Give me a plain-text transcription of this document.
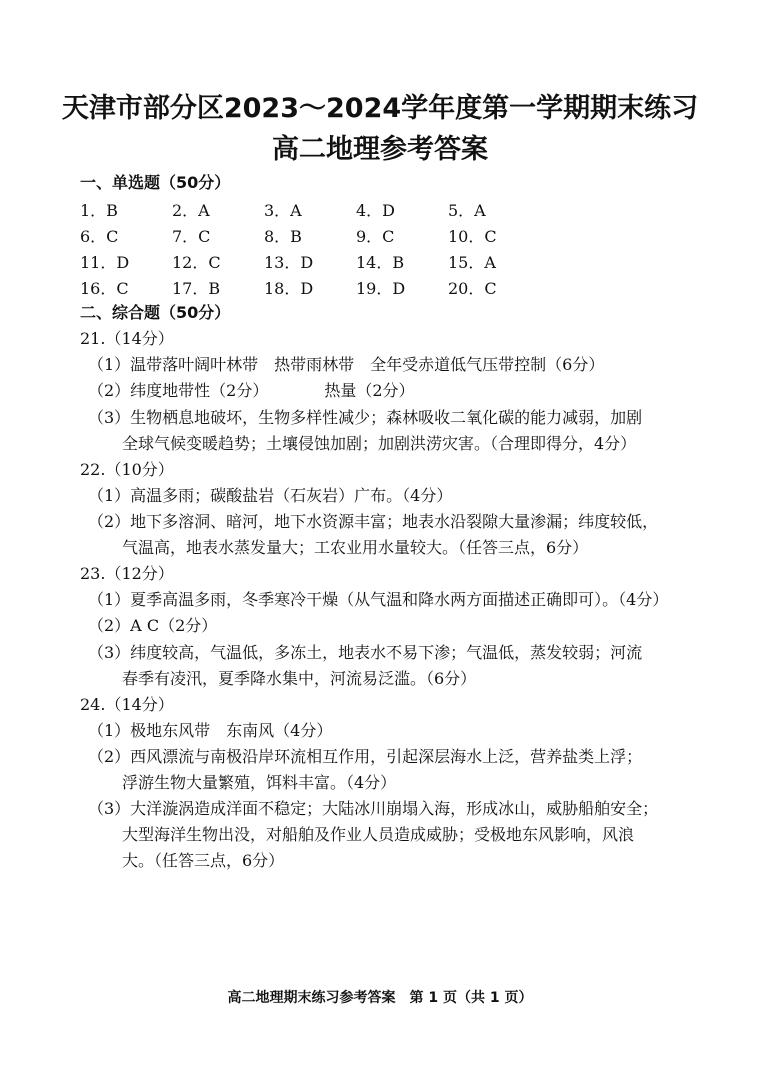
天津市部分区2023～2024学年度第一学期期末练习
高二地理参考答案
一、单选题（50分）
1．B	2．A	3．A	4．D	5．A
6．C	7．C	8．B	9．C	10．C
11．D	12．C	13．D	14．B	15．A
16．C	17．B	18．D	19．D	20．C
二、综合题（50分）
21.（14分）
（1）温带落叶阔叶林带　热带雨林带　全年受赤道低气压带控制（6分）
（2）纬度地带性（2分）	热量（2分）
（3）生物栖息地破坏，生物多样性减少；森林吸收二氧化碳的能力减弱，加剧
全球气候变暖趋势；土壤侵蚀加剧；加剧洪涝灾害。（合理即得分，4分）
22.（10分）
（1）高温多雨；碳酸盐岩（石灰岩）广布。（4分）
（2）地下多溶洞、暗河，地下水资源丰富；地表水沿裂隙大量渗漏；纬度较低，
气温高，地表水蒸发量大；工农业用水量较大。（任答三点，6分）
23.（12分）
（1）夏季高温多雨，冬季寒冷干燥（从气温和降水两方面描述正确即可）。（4分）
（2）A C（2分）
（3）纬度较高，气温低，多冻土，地表水不易下渗；气温低，蒸发较弱；河流
春季有凌汛，夏季降水集中，河流易泛滥。（6分）
24.（14分）
（1）极地东风带　东南风（4分）
（2）西风漂流与南极沿岸环流相互作用，引起深层海水上泛，营养盐类上浮；
浮游生物大量繁殖，饵料丰富。（4分）
（3）大洋漩涡造成洋面不稳定；大陆冰川崩塌入海，形成冰山，威胁船舶安全；
大型海洋生物出没，对船舶及作业人员造成威胁；受极地东风影响，风浪
大。（任答三点，6分）
高二地理期末练习参考答案　第 1 页（共 1 页）
